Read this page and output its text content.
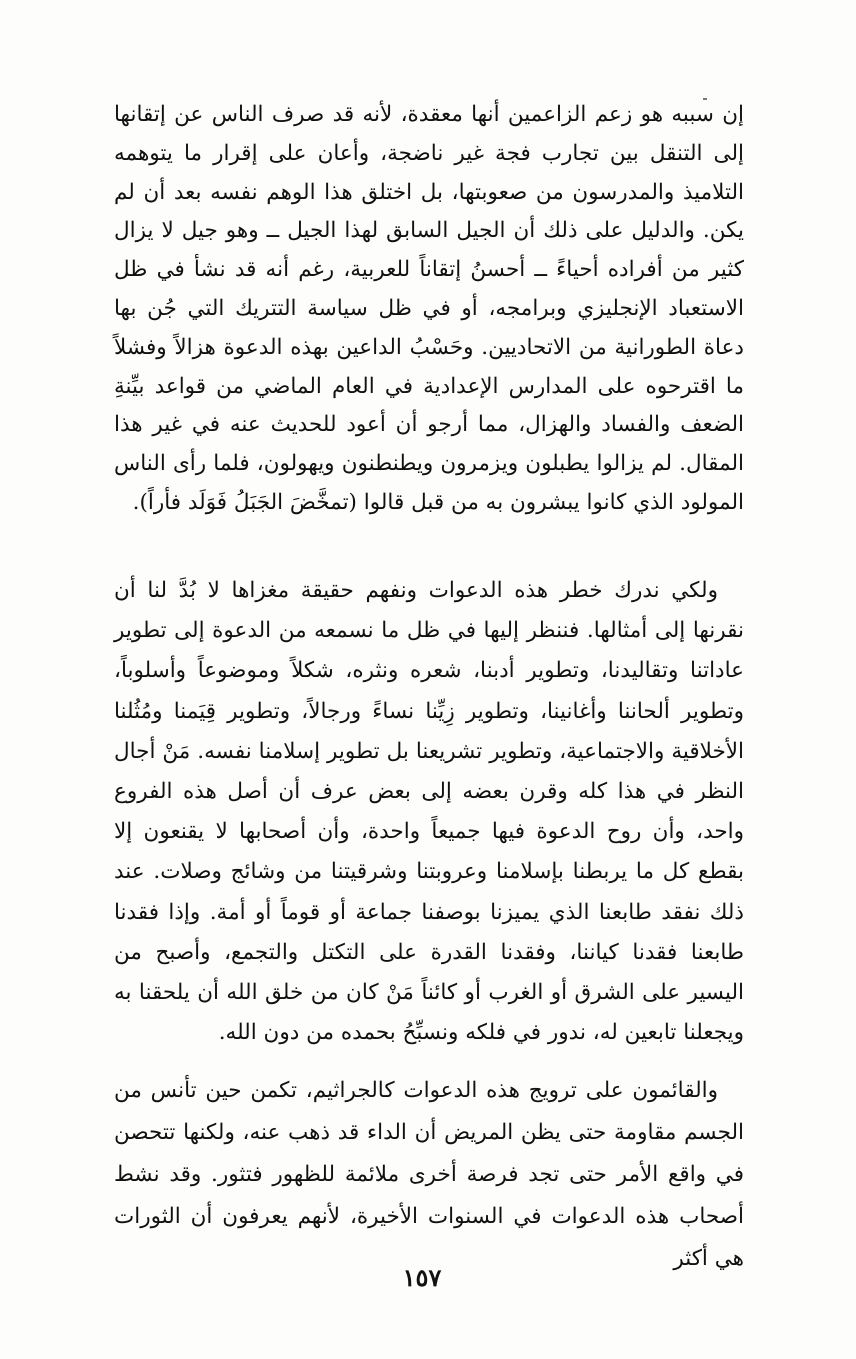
إن سببه هو زعم الزاعمين أنها معقدة، لأنه قد صرف الناس عن إتقانها إلى التنقل بين تجارب فجة غير ناضجة، وأعان على إقرار ما يتوهمه التلاميذ والمدرسون من صعوبتها، بل اختلق هذا الوهم نفسه بعد أن لم يكن. والدليل على ذلك أن الجيل السابق لهذا الجيل ــ وهو جيل لا يزال كثير من أفراده أحياءً ــ أحسنُ إتقاناً للعربية، رغم أنه قد نشأ في ظل الاستعباد الإنجليزي وبرامجه، أو في ظل سياسة التتريك التي جُن بها دعاة الطورانية من الاتحاديين. وحَسْبُ الداعين بهذه الدعوة هزالاً وفشلاً ما اقترحوه على المدارس الإعدادية في العام الماضي من قواعد بيِّنةِ الضعف والفساد والهزال، مما أرجو أن أعود للحديث عنه في غير هذا المقال. لم يزالوا يطبلون ويزمرون ويطنطنون ويهولون، فلما رأى الناس المولود الذي كانوا يبشرون به من قبل قالوا (تمخَّضَ الجَبَلُ فَوَلَد فأراً).

ولكي ندرك خطر هذه الدعوات ونفهم حقيقة مغزاها لا بُدَّ لنا أن نقرنها إلى أمثالها. فننظر إليها في ظل ما نسمعه من الدعوة إلى تطوير عاداتنا وتقاليدنا، وتطوير أدبنا، شعره ونثره، شكلاً وموضوعاً وأسلوباً، وتطوير ألحاننا وأغانينا، وتطوير زِيِّنا نساءً ورجالاً، وتطوير قِيَمنا ومُثُلنا الأخلاقية والاجتماعية، وتطوير تشريعنا بل تطوير إسلامنا نفسه. مَنْ أجال النظر في هذا كله وقرن بعضه إلى بعض عرف أن أصل هذه الفروع واحد، وأن روح الدعوة فيها جميعاً واحدة، وأن أصحابها لا يقنعون إلا بقطع كل ما يربطنا بإسلامنا وعروبتنا وشرقيتنا من وشائج وصلات. عند ذلك نفقد طابعنا الذي يميزنا بوصفنا جماعة أو قوماً أو أمة. وإذا فقدنا طابعنا فقدنا كياننا، وفقدنا القدرة على التكتل والتجمع، وأصبح من اليسير على الشرق أو الغرب أو كائناً مَنْ كان من خلق الله أن يلحقنا به ويجعلنا تابعين له، ندور في فلكه ونسبِّحُ بحمده من دون الله.

والقائمون على ترويج هذه الدعوات كالجراثيم، تكمن حين تأنس من الجسم مقاومة حتى يظن المريض أن الداء قد ذهب عنه، ولكنها تتحصن في واقع الأمر حتى تجد فرصة أخرى ملائمة للظهور فتثور. وقد نشط أصحاب هذه الدعوات في السنوات الأخيرة، لأنهم يعرفون أن الثورات هي أكثر

١٥٧
